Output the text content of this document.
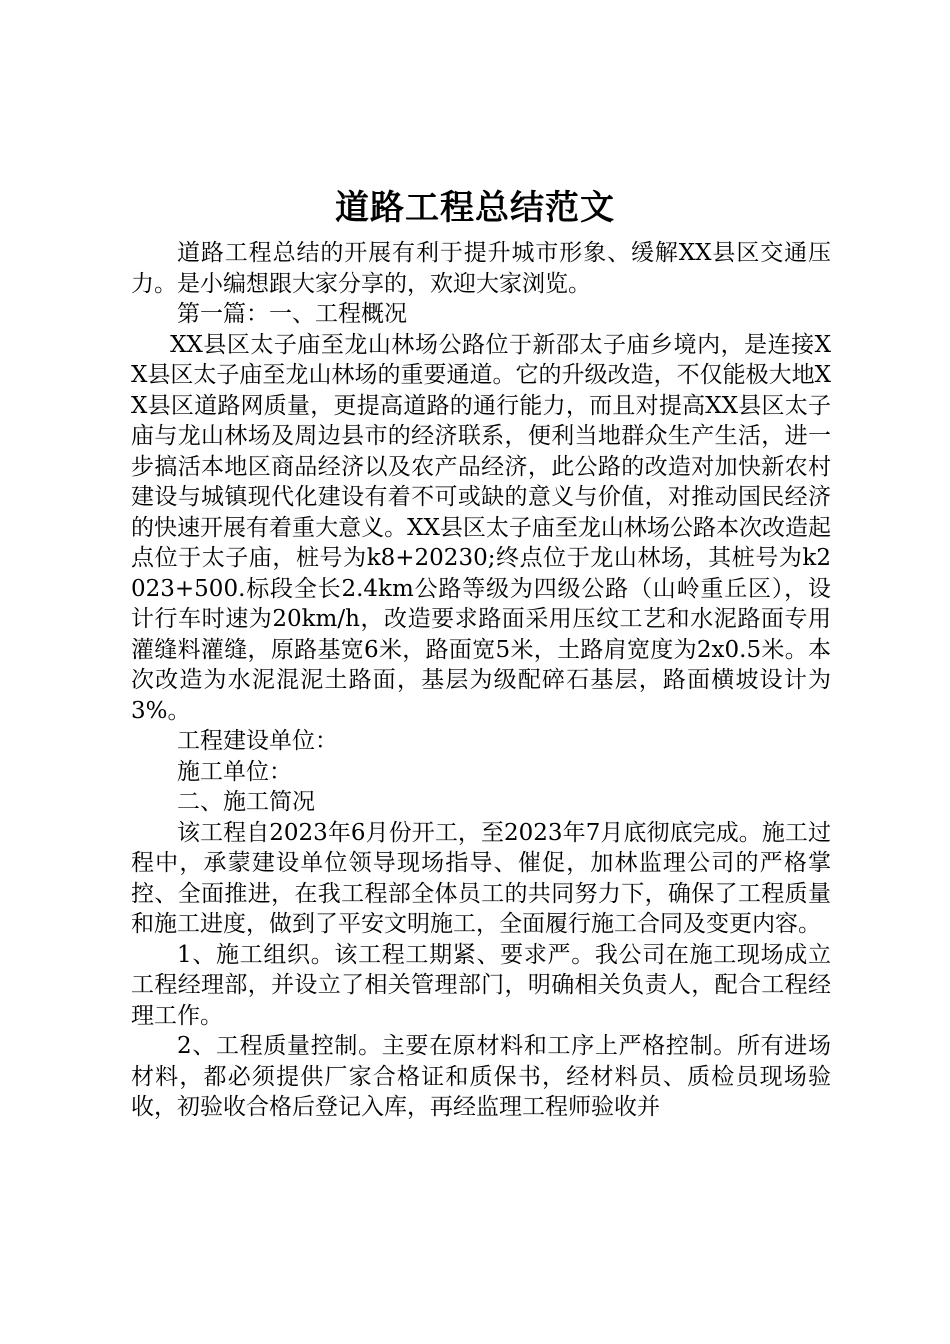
道路工程总结范文

道路工程总结的开展有利于提升城市形象、缓解XX县区交通压力。是小编想跟大家分享的，欢迎大家浏览。

第一篇：一、工程概况

XX县区太子庙至龙山林场公路位于新邵太子庙乡境内，是连接XX县区太子庙至龙山林场的重要通道。它的升级改造，不仅能极大地XX县区道路网质量，更提高道路的通行能力，而且对提高XX县区太子庙与龙山林场及周边县市的经济联系，便利当地群众生产生活，进一步搞活本地区商品经济以及农产品经济，此公路的改造对加快新农村建设与城镇现代化建设有着不可或缺的意义与价值，对推动国民经济的快速开展有着重大意义。XX县区太子庙至龙山林场公路本次改造起点位于太子庙，桩号为k8+20230;终点位于龙山林场，其桩号为k2023+500.标段全长2.4km公路等级为四级公路（山岭重丘区），设计行车时速为20km/h，改造要求路面采用压纹工艺和水泥路面专用灌缝料灌缝，原路基宽6米，路面宽5米，土路肩宽度为2x0.5米。本次改造为水泥混泥土路面，基层为级配碎石基层，路面横坡设计为3%。

工程建设单位：

施工单位：

二、施工简况

该工程自2023年6月份开工，至2023年7月底彻底完成。施工过程中，承蒙建设单位领导现场指导、催促，加林监理公司的严格掌控、全面推进，在我工程部全体员工的共同努力下，确保了工程质量和施工进度，做到了平安文明施工，全面履行施工合同及变更内容。

1、施工组织。该工程工期紧、要求严。我公司在施工现场成立工程经理部，并设立了相关管理部门，明确相关负责人，配合工程经理工作。

2、工程质量控制。主要在原材料和工序上严格控制。所有进场材料，都必须提供厂家合格证和质保书，经材料员、质检员现场验收，初验收合格后登记入库，再经监理工程师验收并
